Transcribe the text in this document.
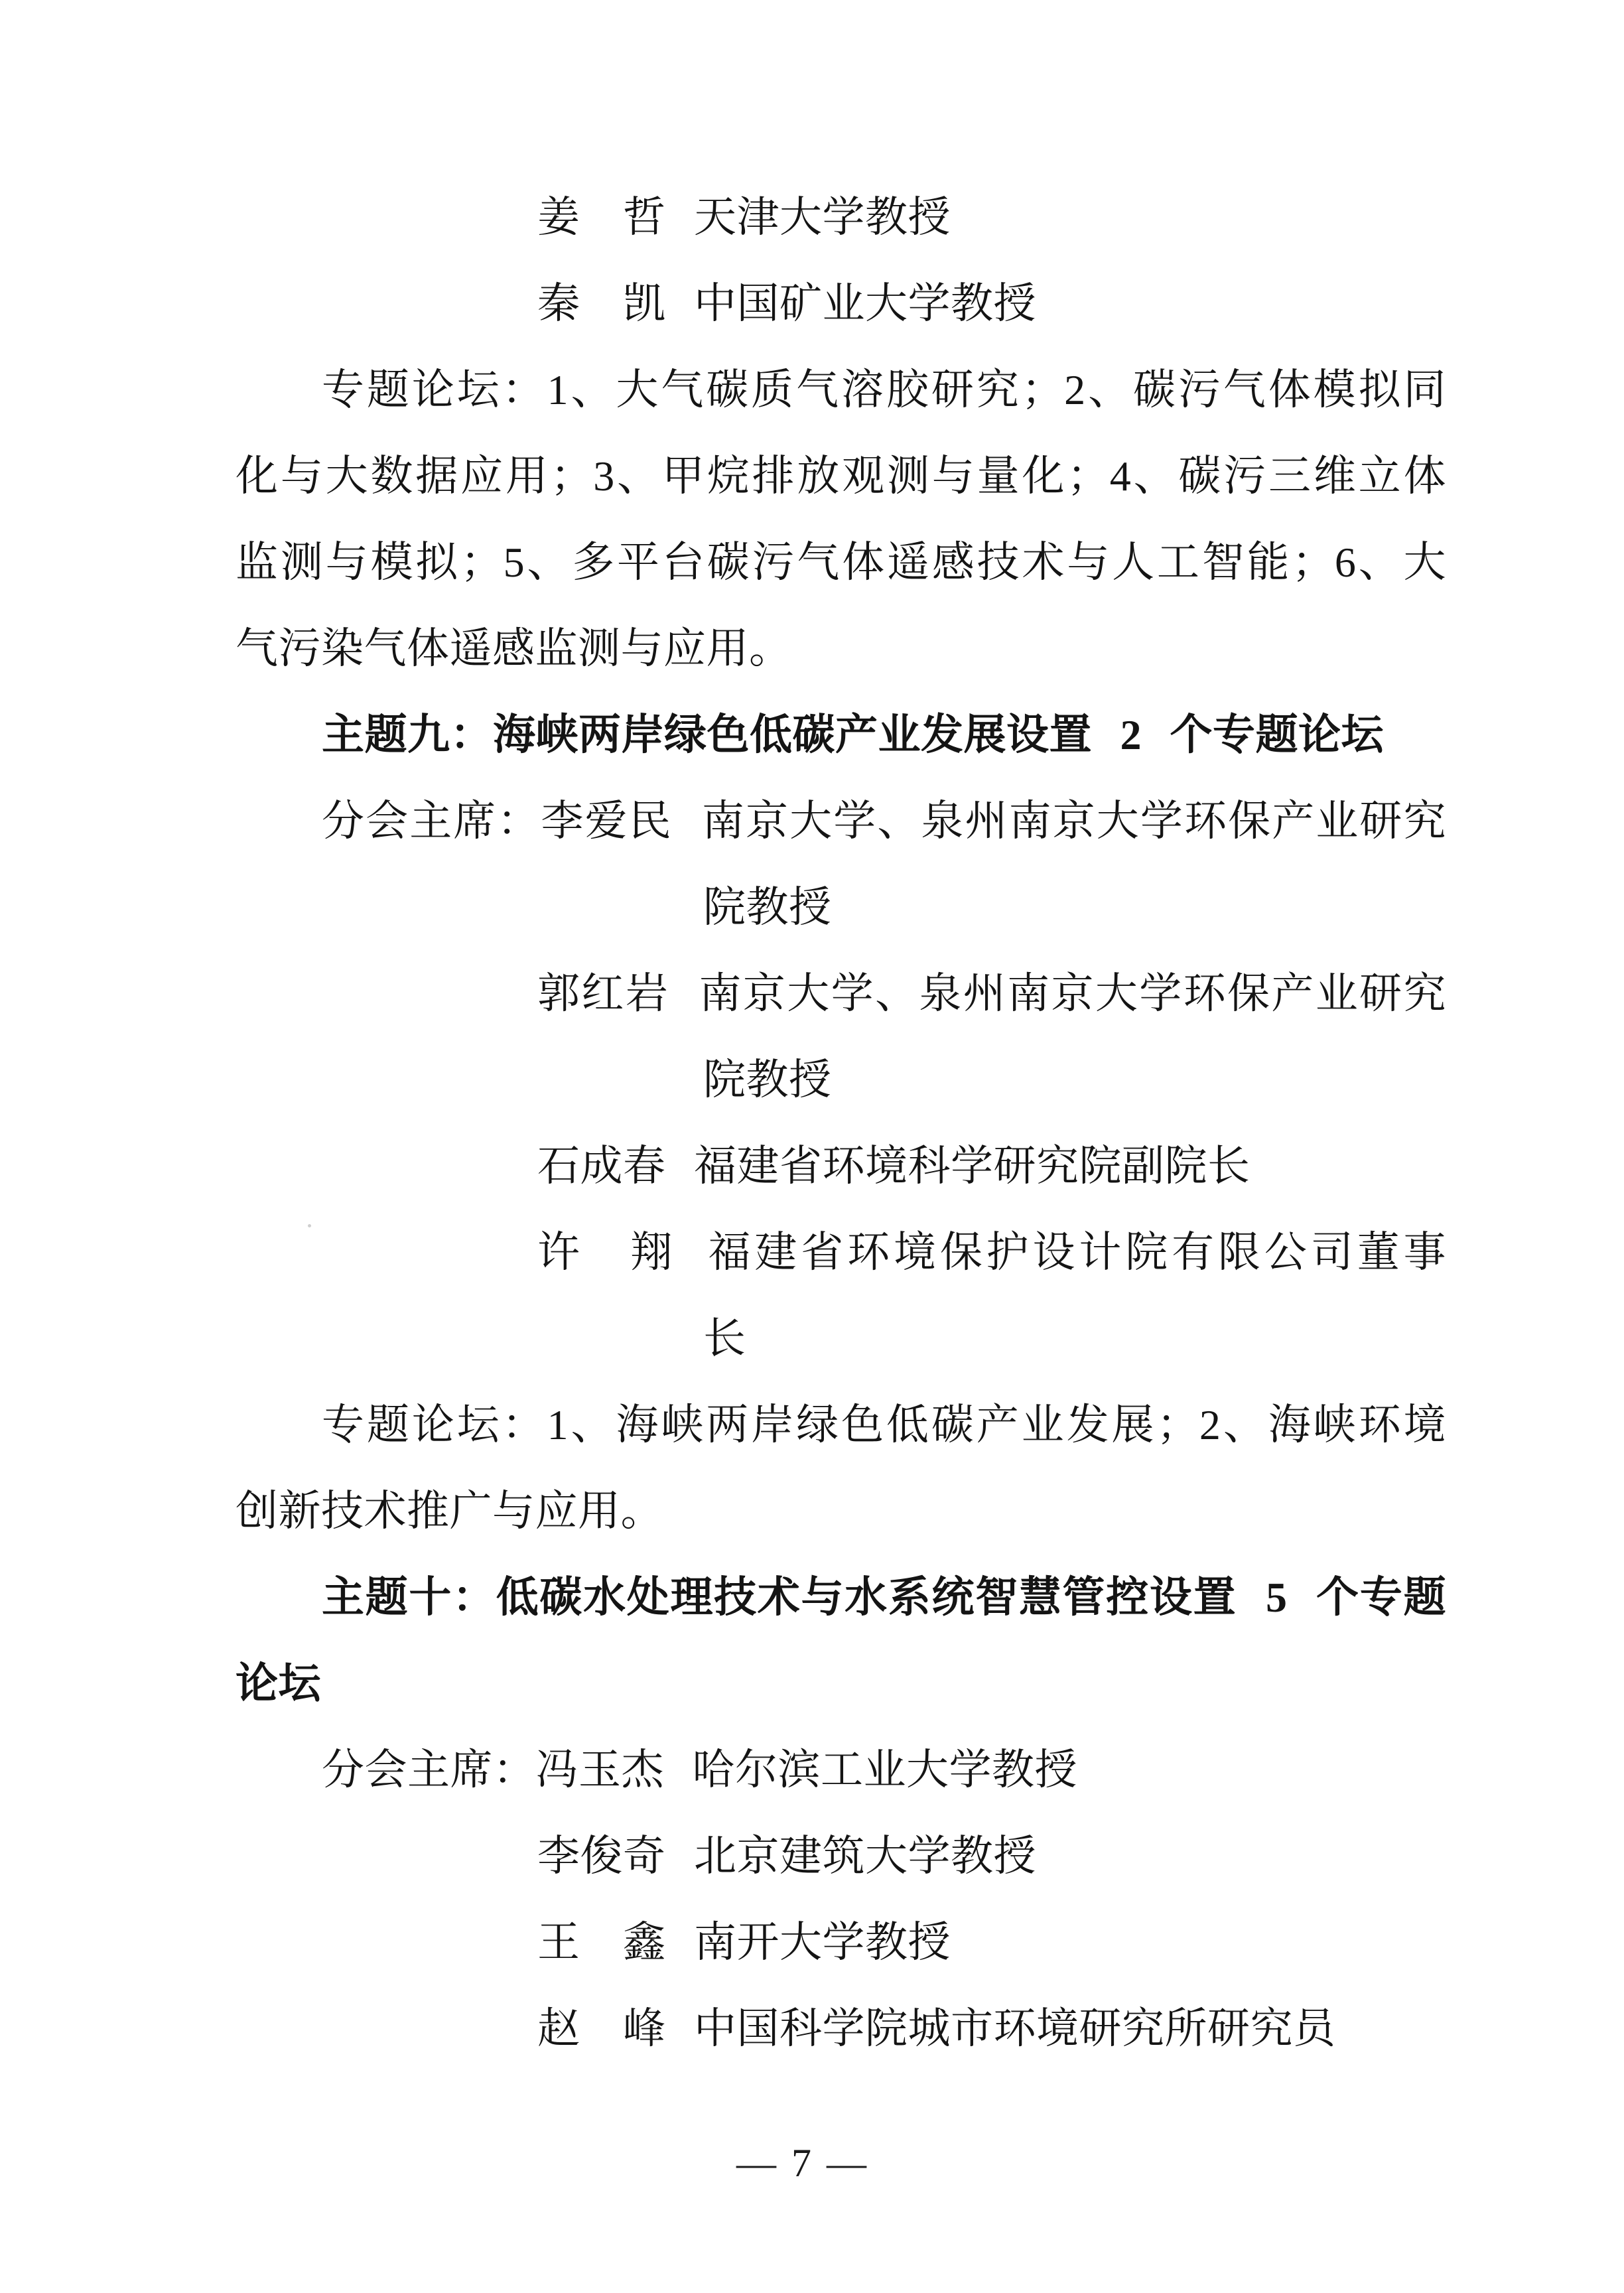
姜　哲 天津大学教授
秦　凯 中国矿业大学教授
专题论坛：1、大气碳质气溶胶研究；2、碳污气体模拟同
化与大数据应用；3、甲烷排放观测与量化；4、碳污三维立体
监测与模拟；5、多平台碳污气体遥感技术与人工智能；6、大
气污染气体遥感监测与应用。
主题九：海峡两岸绿色低碳产业发展设置 2 个专题论坛
分会主席：李爱民 南京大学、泉州南京大学环保产业研究
院教授
郭红岩 南京大学、泉州南京大学环保产业研究
院教授
石成春 福建省环境科学研究院副院长
许　翔 福建省环境保护设计院有限公司董事
长
专题论坛：1、海峡两岸绿色低碳产业发展；2、海峡环境
创新技术推广与应用。
主题十：低碳水处理技术与水系统智慧管控设置 5 个专题
论坛
分会主席：冯玉杰 哈尔滨工业大学教授
李俊奇 北京建筑大学教授
王　鑫 南开大学教授
赵　峰 中国科学院城市环境研究所研究员
— 7 —
